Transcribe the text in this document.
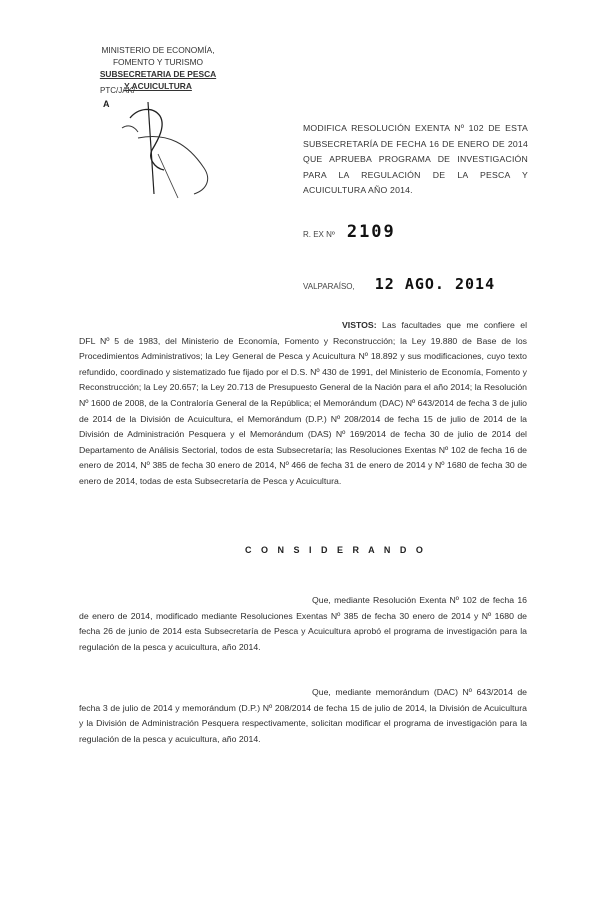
MINISTERIO DE ECONOMÍA,
FOMENTO Y TURISMO
SUBSECRETARIA DE PESCA
Y ACUICULTURA
PTC/JAK/
A
MODIFICA RESOLUCIÓN EXENTA Nº 102 DE ESTA SUBSECRETARÍA DE FECHA 16 DE ENERO DE 2014 QUE APRUEBA PROGRAMA DE INVESTIGACIÓN PARA LA REGULACIÓN DE LA PESCA Y ACUICULTURA AÑO 2014.
R. EX Nº 2109
VALPARAÍSO, 12 AGO. 2014
VISTOS: Las facultades que me confiere el DFL Nº 5 de 1983, del Ministerio de Economía, Fomento y Reconstrucción; la Ley 19.880 de Base de los Procedimientos Administrativos; la Ley General de Pesca y Acuicultura Nº 18.892 y sus modificaciones, cuyo texto refundido, coordinado y sistematizado fue fijado por el D.S. Nº 430 de 1991, del Ministerio de Economía, Fomento y Reconstrucción; la Ley 20.657; la Ley 20.713 de Presupuesto General de la Nación para el año 2014; la Resolución Nº 1600 de 2008, de la Contraloría General de la República; el Memorándum (DAC) Nº 643/2014 de fecha 3 de julio de 2014 de la División de Acuicultura, el Memorándum (D.P.) Nº 208/2014 de fecha 15 de julio de 2014 de la División de Administración Pesquera y el Memorándum (DAS) Nº 169/2014 de fecha 30 de julio de 2014 del Departamento de Análisis Sectorial, todos de esta Subsecretaría; las Resoluciones Exentas Nº 102 de fecha 16 de enero de 2014, Nº 385 de fecha 30 enero de 2014, Nº 466 de fecha 31 de enero de 2014 y Nº 1680 de fecha 30 de enero de 2014, todas de esta Subsecretaría de Pesca y Acuicultura.
C O N S I D E R A N D O
Que, mediante Resolución Exenta Nº 102 de fecha 16 de enero de 2014, modificado mediante Resoluciones Exentas Nº 385 de fecha 30 enero de 2014 y Nº 1680 de fecha 26 de junio de 2014 esta Subsecretaría de Pesca y Acuicultura aprobó el programa de investigación para la regulación de la pesca y acuicultura, año 2014.
Que, mediante memorándum (DAC) Nº 643/2014 de fecha 3 de julio de 2014 y memorándum (D.P.) Nº 208/2014 de fecha 15 de julio de 2014, la División de Acuicultura y la División de Administración Pesquera respectivamente, solicitan modificar el programa de investigación para la regulación de la pesca y acuicultura, año 2014.
